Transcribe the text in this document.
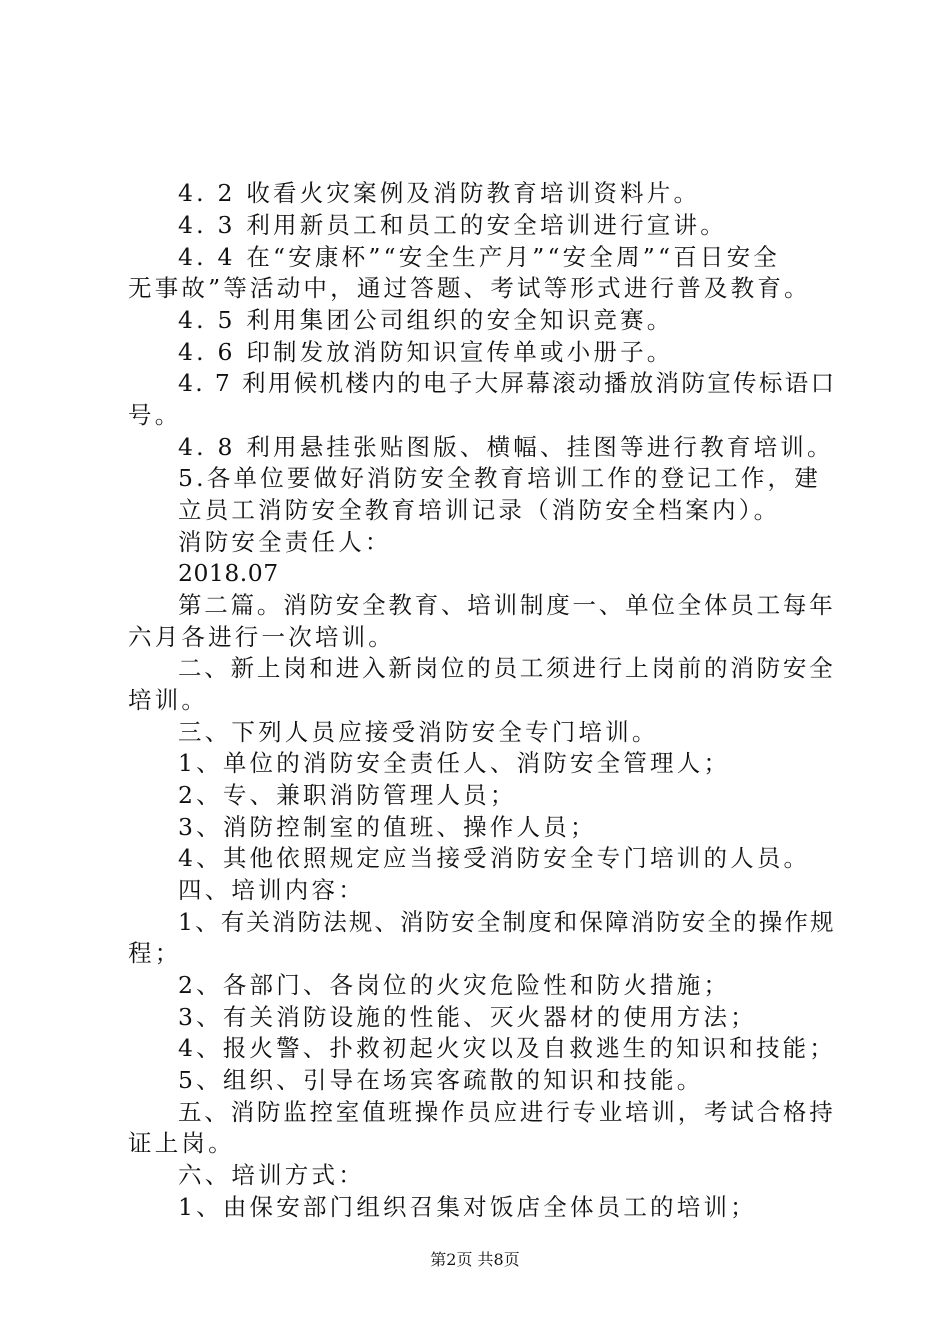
4. 2 收看火灾案例及消防教育培训资料片。
4. 3 利用新员工和员工的安全培训进行宣讲。
4. 4 在“安康杯”“安全生产月”“安全周”“百日安全
无事故”等活动中，通过答题、考试等形式进行普及教育。
4. 5 利用集团公司组织的安全知识竞赛。
4. 6 印制发放消防知识宣传单或小册子。
4. 7 利用候机楼内的电子大屏幕滚动播放消防宣传标语口
号。
4. 8 利用悬挂张贴图版、横幅、挂图等进行教育培训。
5.各单位要做好消防安全教育培训工作的登记工作，建
立员工消防安全教育培训记录（消防安全档案内）。
消防安全责任人：
2018.07
第二篇。消防安全教育、培训制度一、单位全体员工每年
六月各进行一次培训。
二、新上岗和进入新岗位的员工须进行上岗前的消防安全
培训。
三、下列人员应接受消防安全专门培训。
1、单位的消防安全责任人、消防安全管理人；
2、专、兼职消防管理人员；
3、消防控制室的值班、操作人员；
4、其他依照规定应当接受消防安全专门培训的人员。
四、培训内容：
1、有关消防法规、消防安全制度和保障消防安全的操作规
程；
2、各部门、各岗位的火灾危险性和防火措施；
3、有关消防设施的性能、灭火器材的使用方法；
4、报火警、扑救初起火灾以及自救逃生的知识和技能；
5、组织、引导在场宾客疏散的知识和技能。
五、消防监控室值班操作员应进行专业培训，考试合格持
证上岗。
六、培训方式：
1、由保安部门组织召集对饭店全体员工的培训；
第2页 共8页
